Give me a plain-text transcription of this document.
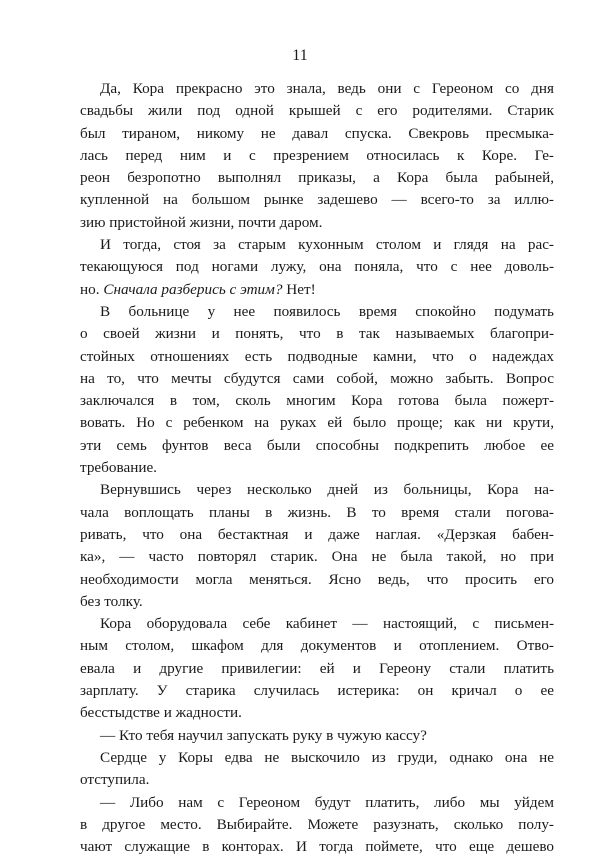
11
Да, Кора прекрасно это знала, ведь они с Гереоном со дня
свадьбы жили под одной крышей с его родителями. Старик
был тираном, никому не давал спуска. Свекровь пресмыка-
лась перед ним и с презрением относилась к Коре. Ге-
реон безропотно выполнял приказы, а Кора была рабыней,
купленной на большом рынке задешево — всего-то за иллю-
зию пристойной жизни, почти даром.
И тогда, стоя за старым кухонным столом и глядя на рас-
текающуюся под ногами лужу, она поняла, что с нее доволь-
но. Сначала разберись с этим? Нет!
В больнице у нее появилось время спокойно подумать
о своей жизни и понять, что в так называемых благопри-
стойных отношениях есть подводные камни, что о надеждах
на то, что мечты сбудутся сами собой, можно забыть. Вопрос
заключался в том, сколь многим Кора готова была пожерт-
вовать. Но с ребенком на руках ей было проще; как ни крути,
эти семь фунтов веса были способны подкрепить любое ее
требование.
Вернувшись через несколько дней из больницы, Кора на-
чала воплощать планы в жизнь. В то время стали погова-
ривать, что она бестактная и даже наглая. «Дерзкая бабен-
ка», — часто повторял старик. Она не была такой, но при
необходимости могла меняться. Ясно ведь, что просить его
без толку.
Кора оборудовала себе кабинет — настоящий, с письмен-
ным столом, шкафом для документов и отоплением. Отво-
евала и другие привилегии: ей и Гереону стали платить
зарплату. У старика случилась истерика: он кричал о ее
бесстыдстве и жадности.
— Кто тебя научил запускать руку в чужую кассу?
Сердце у Коры едва не выскочило из груди, однако она не
отступила.
— Либо нам с Гереоном будут платить, либо мы уйдем
в другое место. Выбирайте. Можете разузнать, сколько полу-
чают служащие в конторах. И тогда поймете, что еще дешево
